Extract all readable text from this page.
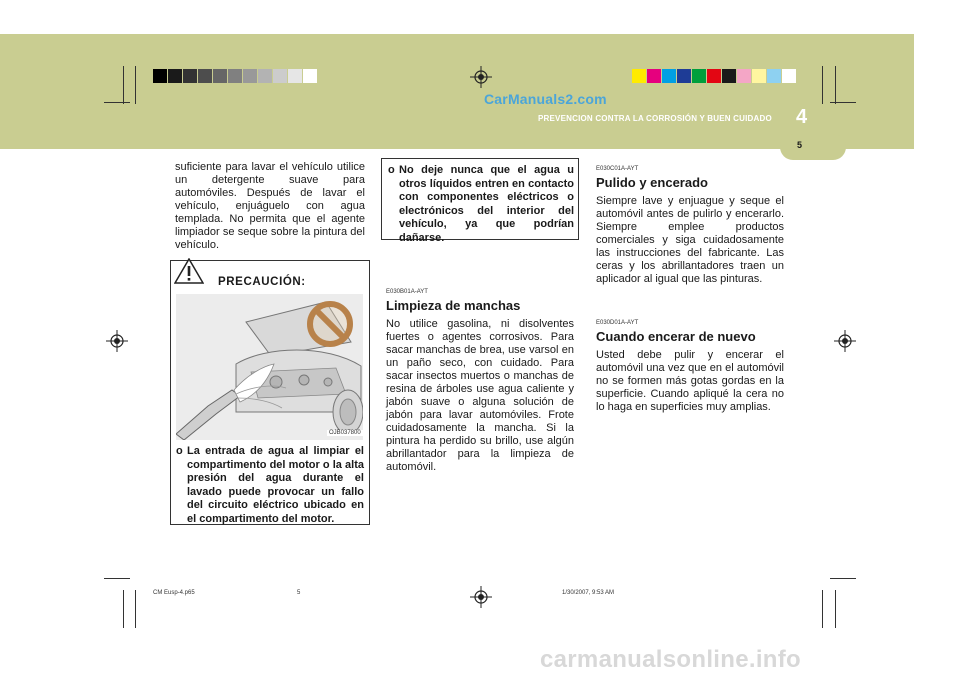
CarManuals2.com
PREVENCION CONTRA LA CORROSIÓN Y BUEN CUIDADO 4
5
suficiente para lavar el vehículo utilice un detergente suave para automóviles. Después de lavar el vehículo, enjuáguelo con agua templada. No permita que el agente limpiador se seque sobre la pintura del vehículo.
PRECAUCIÓN:
OJB037800
o La entrada de agua al limpiar el compartimento del motor o la alta presión del agua durante el lavado puede provocar un fallo del circuito eléctrico ubicado en el compartimento del motor.
o No deje nunca que el agua u otros líquidos entren en contacto con componentes eléctricos o electrónicos del interior del vehículo, ya que podrían dañarse.
E030B01A-AYT
Limpieza de manchas
No utilice gasolina, ni disolventes fuertes o agentes corrosivos. Para sacar manchas de brea, use varsol en un paño seco, con cuidado. Para sacar insectos muertos o manchas de resina de árboles use agua caliente y jabón suave o alguna solución de jabón para lavar automóviles. Frote cuidadosamente la mancha. Si la pintura ha perdido su brillo, use algún abrillantador para la limpieza de automóvil.
E030C01A-AYT
Pulido y encerado
Siempre lave y enjuague y seque el automóvil antes de pulirlo y encerarlo. Siempre emplee productos comerciales y siga cuidadosamente las instrucciones del fabricante. Las ceras y los abrillantadores traen un aplicador al igual que las pinturas.
E030D01A-AYT
Cuando encerar de nuevo
Usted debe pulir y encerar el automóvil una vez que en el automóvil no se formen más gotas gordas en la superficie. Cuando apliqué la cera no lo haga en superficies muy amplias.
CM Eusp-4.p65	5	1/30/2007, 9:53 AM
carmanualsonline.info
